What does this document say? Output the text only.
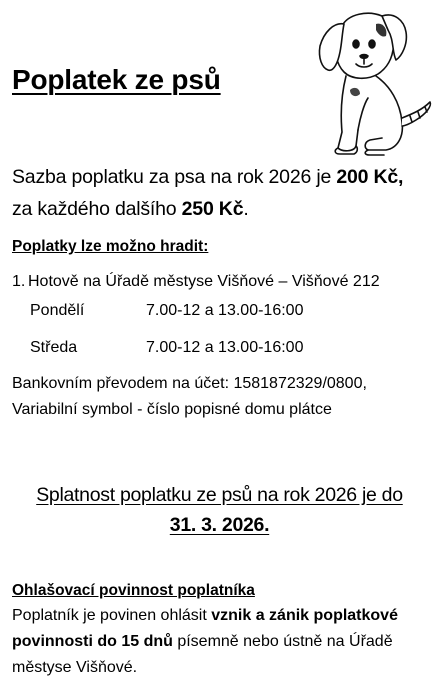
Poplatek ze psů

Sazba poplatku za psa na rok 2026 je 200 Kč,

za každého dalšího 250 Kč.

Poplatky lze možno hradit:

1. Hotově na Úřadě městyse Višňové – Višňové 212

Pondělí	7.00-12 a 13.00-16:00

Středa	7.00-12 a 13.00-16:00

Bankovním převodem na účet: 1581872329/0800,

Variabilní symbol - číslo popisné domu plátce

Splatnost poplatku ze psů na rok 2026 je do

31. 3. 2026.

Ohlašovací povinnost poplatníka

Poplatník je povinen ohlásit vznik a zánik poplatkové

povinnosti do 15 dnů písemně nebo ústně na Úřadě

městyse Višňové.
